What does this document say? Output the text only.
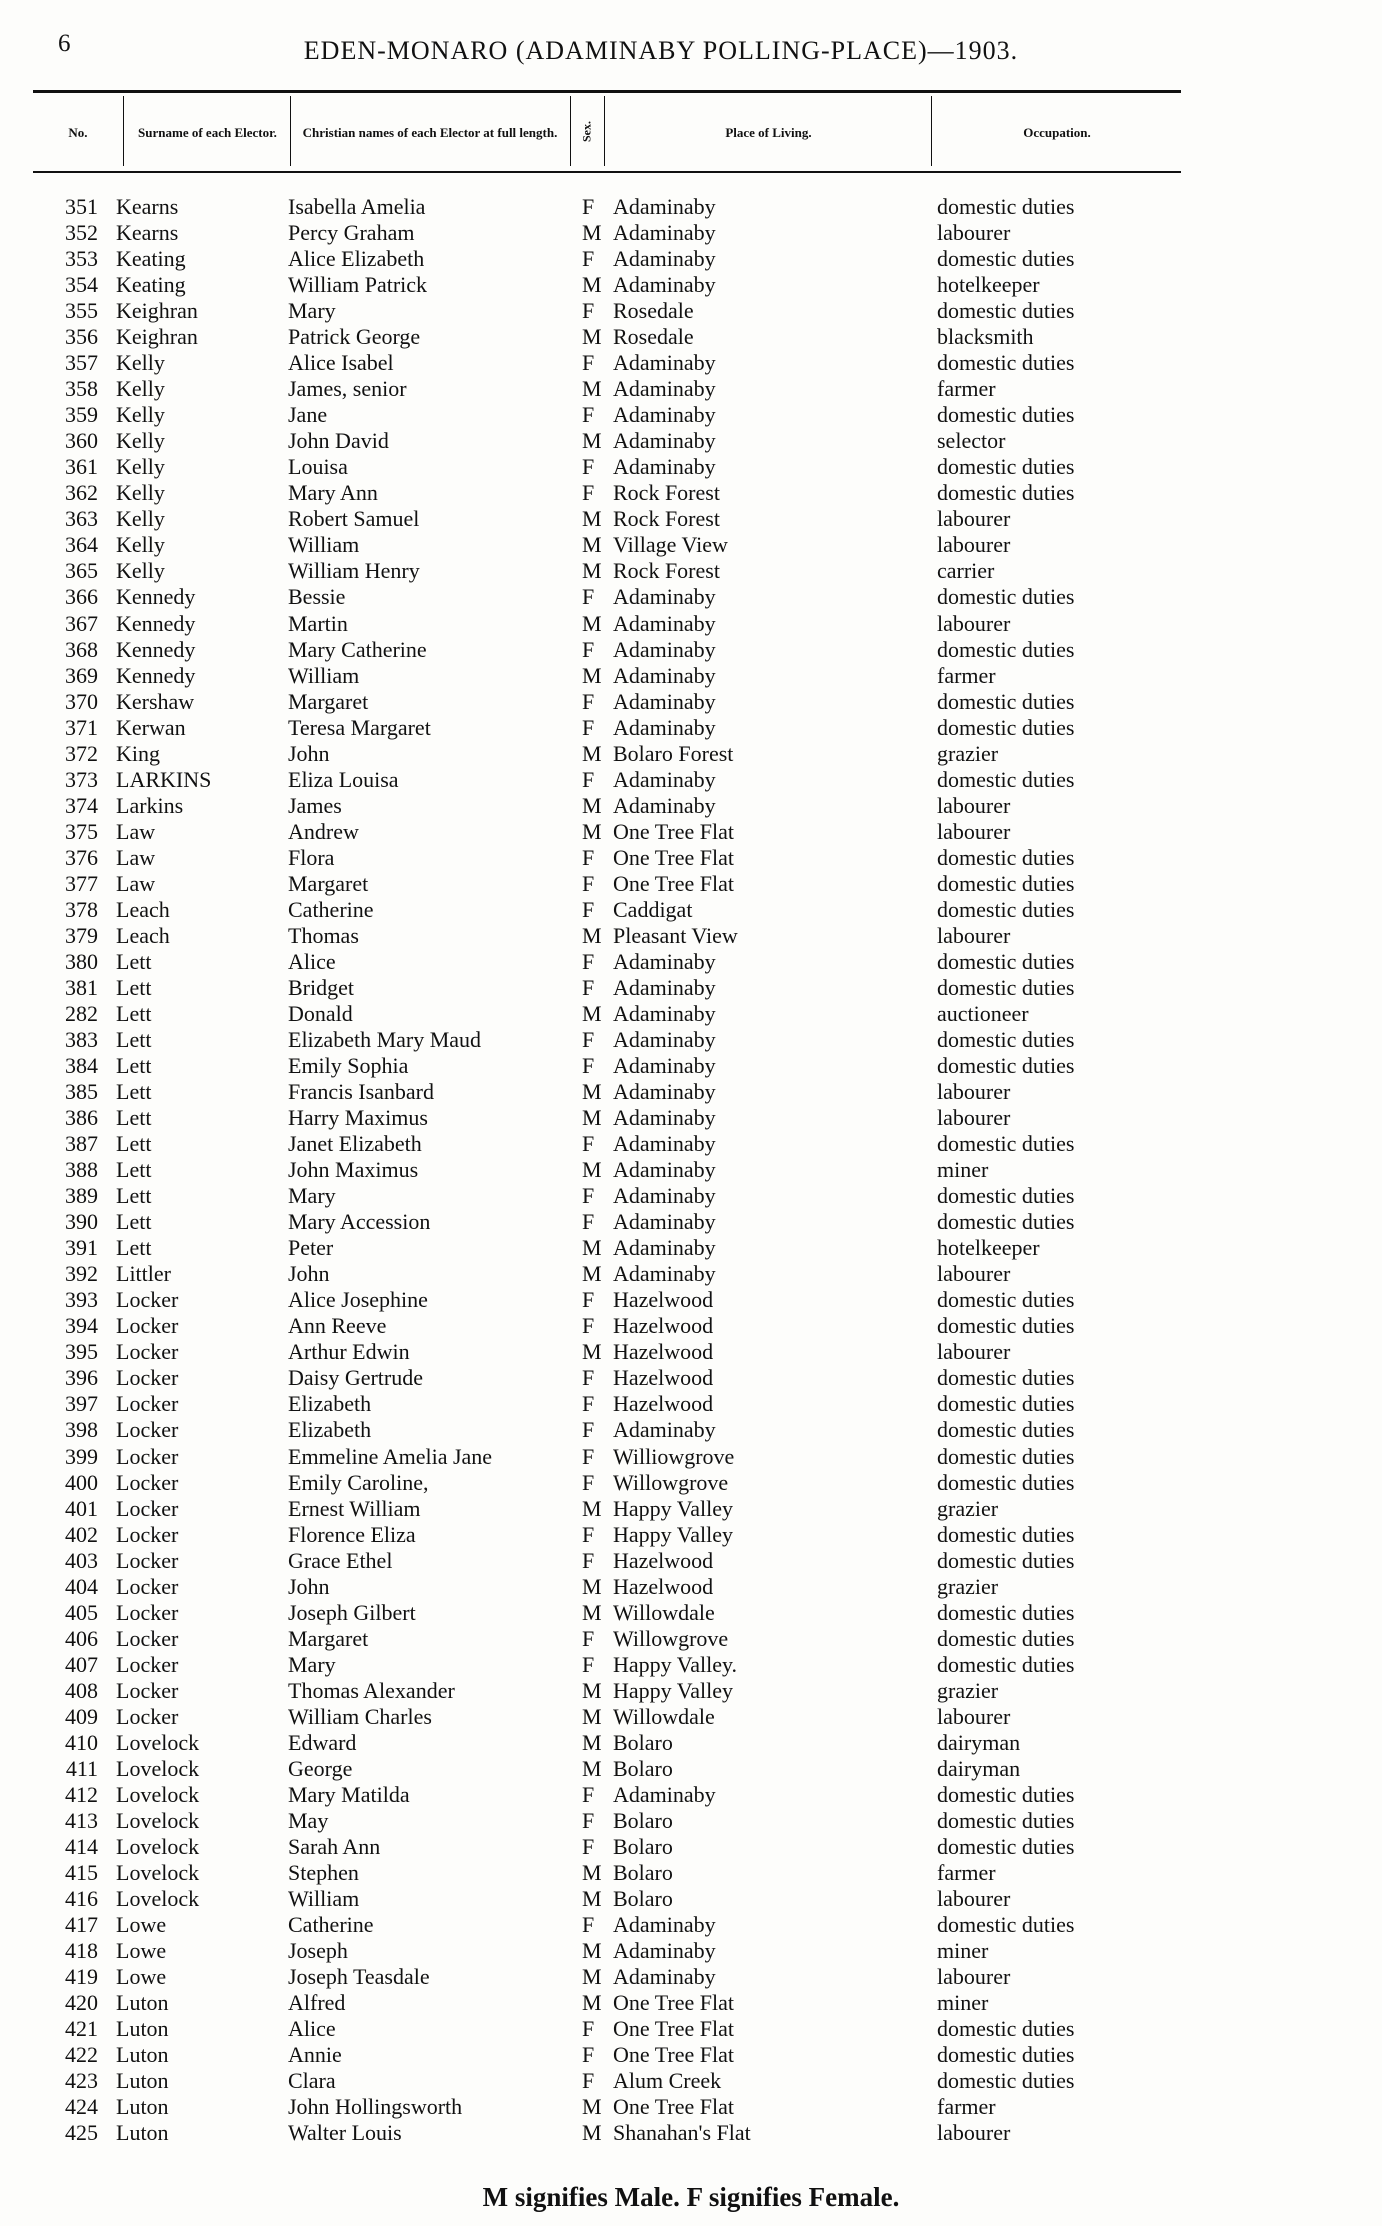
6	EDEN-MONARO (ADAMINABY POLLING-PLACE)—1903.
No.	Surname of each Elector.	Christian names of each Elector at full length.	Sex.	Place of Living.	Occupation.
351 Kearns	Isabella Amelia	F Adaminaby	domestic duties
352 Kearns	Percy Graham	M Adaminaby	labourer
353 Keating	Alice Elizabeth	F Adaminaby	domestic duties
354 Keating	William Patrick	M Adaminaby	hotelkeeper
355 Keighran	Mary	F Rosedale	domestic duties
356 Keighran	Patrick George	M Rosedale	blacksmith
357 Kelly	Alice Isabel	F Adaminaby	domestic duties
358 Kelly	James, senior	M Adaminaby	farmer
359 Kelly	Jane	F Adaminaby	domestic duties
360 Kelly	John David	M Adaminaby	selector
361 Kelly	Louisa	F Adaminaby	domestic duties
362 Kelly	Mary Ann	F Rock Forest	domestic duties
363 Kelly	Robert Samuel	M Rock Forest	labourer
364 Kelly	William	M Village View	labourer
365 Kelly	William Henry	M Rock Forest	carrier
366 Kennedy	Bessie	F Adaminaby	domestic duties
367 Kennedy	Martin	M Adaminaby	labourer
368 Kennedy	Mary Catherine	F Adaminaby	domestic duties
369 Kennedy	William	M Adaminaby	farmer
370 Kershaw	Margaret	F Adaminaby	domestic duties
371 Kerwan	Teresa Margaret	F Adaminaby	domestic duties
372 King	John	M Bolaro Forest	grazier
373 LARKINS	Eliza Louisa	F Adaminaby	domestic duties
374 Larkins	James	M Adaminaby	labourer
375 Law	Andrew	M One Tree Flat	labourer
376 Law	Flora	F One Tree Flat	domestic duties
377 Law	Margaret	F One Tree Flat	domestic duties
378 Leach	Catherine	F Caddigat	domestic duties
379 Leach	Thomas	M Pleasant View	labourer
380 Lett	Alice	F Adaminaby	domestic duties
381 Lett	Bridget	F Adaminaby	domestic duties
282 Lett	Donald	M Adaminaby	auctioneer
383 Lett	Elizabeth Mary Maud	F Adaminaby	domestic duties
384 Lett	Emily Sophia	F Adaminaby	domestic duties
385 Lett	Francis Isanbard	M Adaminaby	labourer
386 Lett	Harry Maximus	M Adaminaby	labourer
387 Lett	Janet Elizabeth	F Adaminaby	domestic duties
388 Lett	John Maximus	M Adaminaby	miner
389 Lett	Mary	F Adaminaby	domestic duties
390 Lett	Mary Accession	F Adaminaby	domestic duties
391 Lett	Peter	M Adaminaby	hotelkeeper
392 Littler	John	M Adaminaby	labourer
393 Locker	Alice Josephine	F Hazelwood	domestic duties
394 Locker	Ann Reeve	F Hazelwood	domestic duties
395 Locker	Arthur Edwin	M Hazelwood	labourer
396 Locker	Daisy Gertrude	F Hazelwood	domestic duties
397 Locker	Elizabeth	F Hazelwood	domestic duties
398 Locker	Elizabeth	F Adaminaby	domestic duties
399 Locker	Emmeline Amelia Jane	F Williowgrove	domestic duties
400 Locker	Emily Caroline,	F Willowgrove	domestic duties
401 Locker	Ernest William	M Happy Valley	grazier
402 Locker	Florence Eliza	F Happy Valley	domestic duties
403 Locker	Grace Ethel	F Hazelwood	domestic duties
404 Locker	John	M Hazelwood	grazier
405 Locker	Joseph Gilbert	M Willowdale	domestic duties
406 Locker	Margaret	F Willowgrove	domestic duties
407 Locker	Mary	F Happy Valley.	domestic duties
408 Locker	Thomas Alexander	M Happy Valley	grazier
409 Locker	William Charles	M Willowdale	labourer
410 Lovelock	Edward	M Bolaro	dairyman
411 Lovelock	George	M Bolaro	dairyman
412 Lovelock	Mary Matilda	F Adaminaby	domestic duties
413 Lovelock	May	F Bolaro	domestic duties
414 Lovelock	Sarah Ann	F Bolaro	domestic duties
415 Lovelock	Stephen	M Bolaro	farmer
416 Lovelock	William	M Bolaro	labourer
417 Lowe	Catherine	F Adaminaby	domestic duties
418 Lowe	Joseph	M Adaminaby	miner
419 Lowe	Joseph Teasdale	M Adaminaby	labourer
420 Luton	Alfred	M One Tree Flat	miner
421 Luton	Alice	F One Tree Flat	domestic duties
422 Luton	Annie	F One Tree Flat	domestic duties
423 Luton	Clara	F Alum Creek	domestic duties
424 Luton	John Hollingsworth	M One Tree Flat	farmer
425 Luton	Walter Louis	M Shanahan's Flat	labourer
M signifies Male. F signifies Female.
